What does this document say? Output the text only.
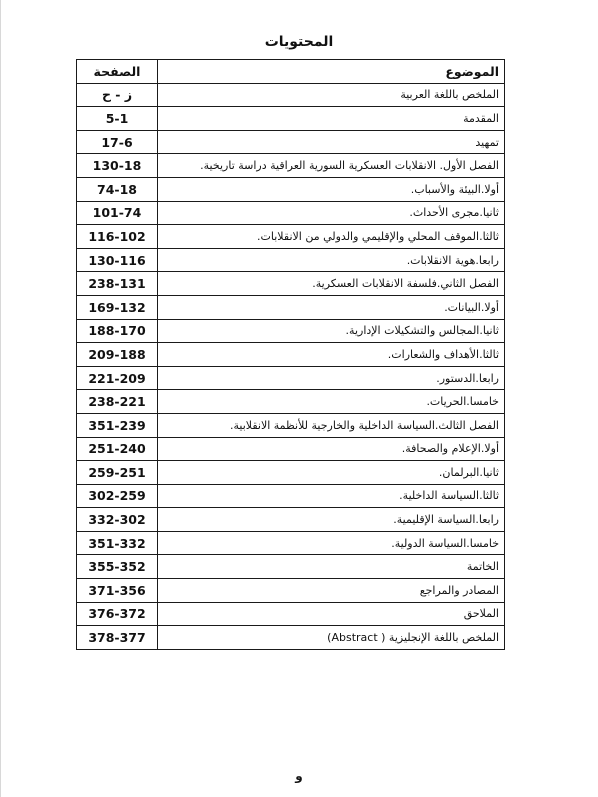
المحتويات
الموضوع	الصفحة
الملخص باللغة العربية	ز - ح
المقدمة	5-1
تمهيد	17-6
الفصل الأول. الانقلابات العسكرية السورية العراقية دراسة تاريخية.	130-18
أولا.البيئة والأسباب.	74-18
ثانيا.مجرى الأحداث.	101-74
ثالثا.الموقف المحلي والإقليمي والدولي من الانقلابات.	116-102
رابعا.هوية الانقلابات.	130-116
الفصل الثاني.فلسفة الانقلابات العسكرية.	238-131
أولا.البيانات.	169-132
ثانيا.المجالس والتشكيلات الإدارية.	188-170
ثالثا.الأهداف والشعارات.	209-188
رابعا.الدستور.	221-209
خامسا.الحريات.	238-221
الفصل الثالث.السياسة الداخلية والخارجية للأنظمة الانقلابية.	351-239
أولا.الإعلام والصحافة.	251-240
ثانيا.البرلمان.	259-251
ثالثا.السياسة الداخلية.	302-259
رابعا.السياسة الإقليمية.	332-302
خامسا.السياسة الدولية.	351-332
الخاتمة	355-352
المصادر والمراجع	371-356
الملاحق	376-372
الملخص باللغة الإنجليزية ( Abstract)	378-377
و
